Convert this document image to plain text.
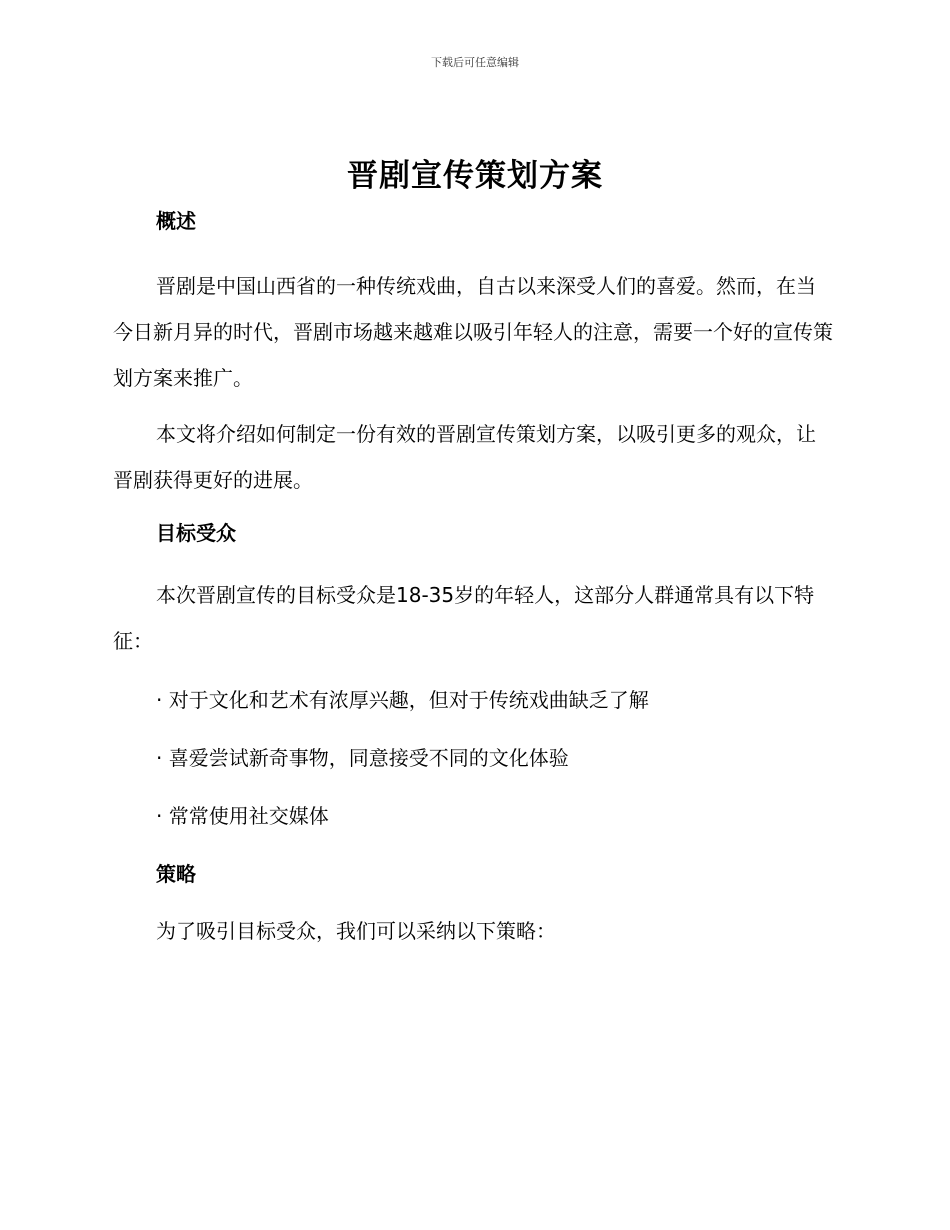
下载后可任意编辑
晋剧宣传策划方案
概述

晋剧是中国山西省的一种传统戏曲，自古以来深受人们的喜爱。然而，在当今日新月异的时代，晋剧市场越来越难以吸引年轻人的注意，需要一个好的宣传策划方案来推广。

本文将介绍如何制定一份有效的晋剧宣传策划方案，以吸引更多的观众，让晋剧获得更好的进展。

目标受众

本次晋剧宣传的目标受众是18-35岁的年轻人，这部分人群通常具有以下特征：

· 对于文化和艺术有浓厚兴趣，但对于传统戏曲缺乏了解

· 喜爱尝试新奇事物，同意接受不同的文化体验

· 常常使用社交媒体

策略

为了吸引目标受众，我们可以采纳以下策略：
